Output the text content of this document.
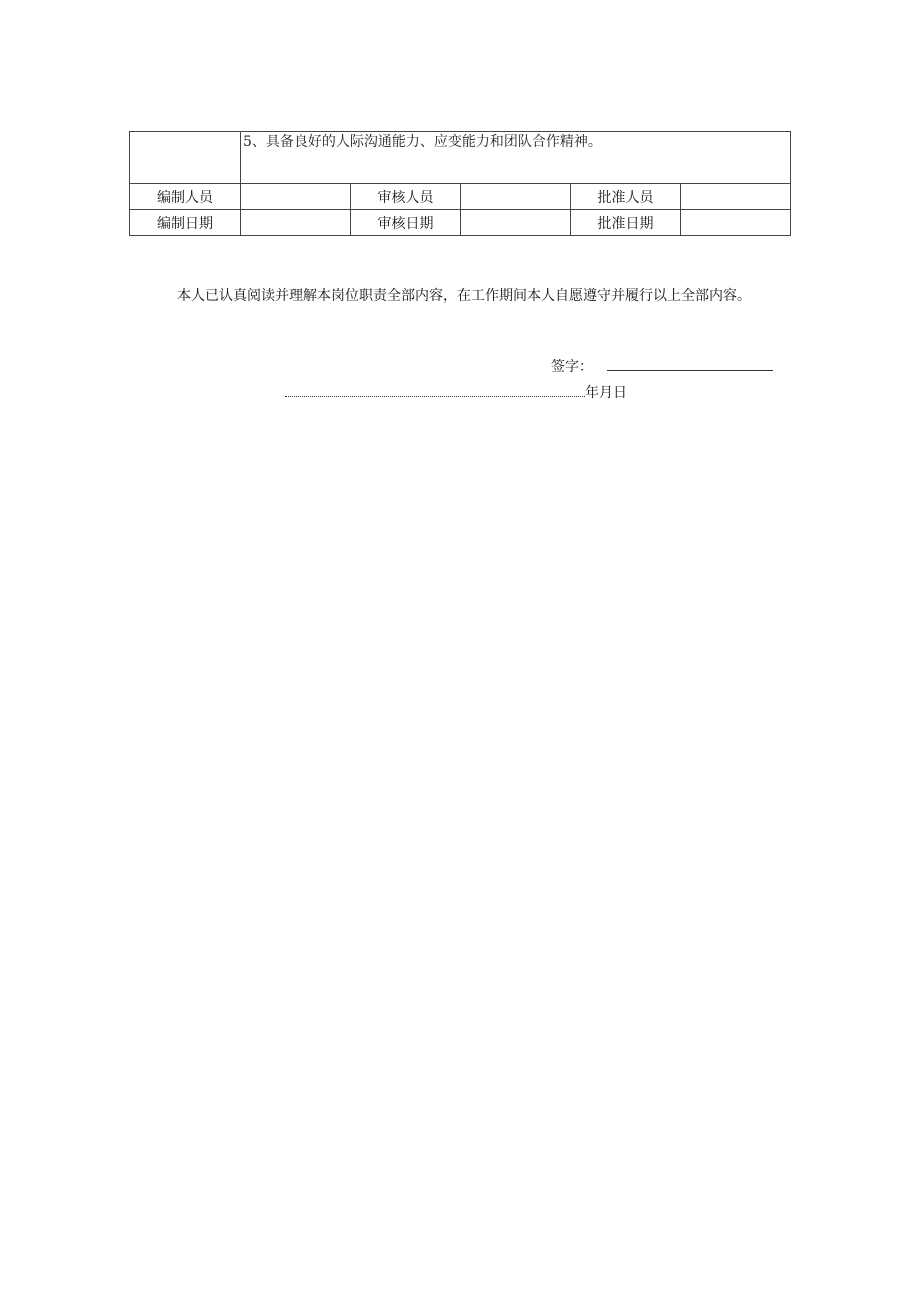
	5、具备良好的人际沟通能力、应变能力和团队合作精神。				
编制人员		审核人员		批准人员	
编制日期		审核日期		批准日期	

本人已认真阅读并理解本岗位职责全部内容，在工作期间本人自愿遵守并履行以上全部内容。

签字：
年月日
